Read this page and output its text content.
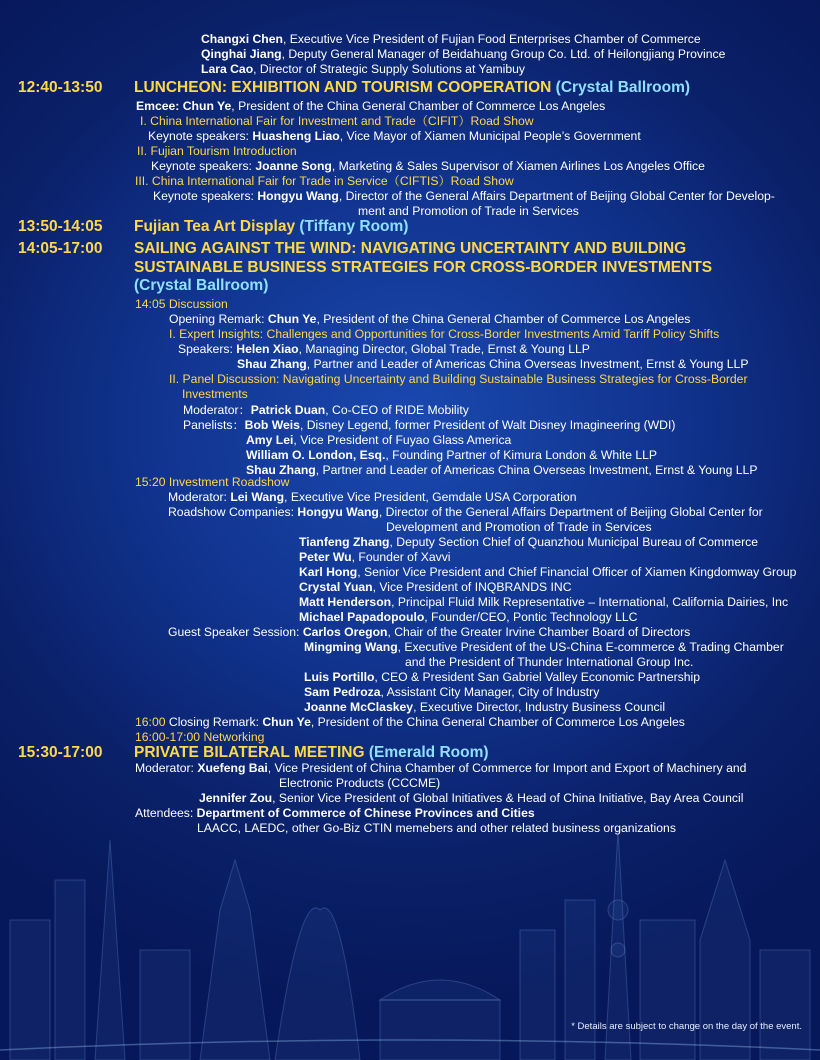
Changxi Chen, Executive Vice President of Fujian Food Enterprises Chamber of Commerce
Qinghai Jiang, Deputy General Manager of Beidahuang Group Co. Ltd. of Heilongjiang Province
Lara Cao, Director of Strategic Supply Solutions at Yamibuy
12:40-13:50 LUNCHEON: EXHIBITION AND TOURISM COOPERATION (Crystal Ballroom)
Emcee: Chun Ye, President of the China General Chamber of Commerce Los Angeles
I. China International Fair for Investment and Trade（CIFIT）Road Show
Keynote speakers: Huasheng Liao, Vice Mayor of Xiamen Municipal People’s Government
II. Fujian Tourism Introduction
Keynote speakers: Joanne Song, Marketing & Sales Supervisor of Xiamen Airlines Los Angeles Office
III. China International Fair for Trade in Service（CIFTIS）Road Show
Keynote speakers: Hongyu Wang, Director of the General Affairs Department of Beijing Global Center for Develop-
ment and Promotion of Trade in Services
13:50-14:05 Fujian Tea Art Display (Tiffany Room)
14:05-17:00 SAILING AGAINST THE WIND: NAVIGATING UNCERTAINTY AND BUILDING
SUSTAINABLE BUSINESS STRATEGIES FOR CROSS-BORDER INVESTMENTS
(Crystal Ballroom)
14:05 Discussion
Opening Remark: Chun Ye, President of the China General Chamber of Commerce Los Angeles
I. Expert Insights: Challenges and Opportunities for Cross-Border Investments Amid Tariff Policy Shifts
Speakers: Helen Xiao, Managing Director, Global Trade, Ernst & Young LLP
Shau Zhang, Partner and Leader of Americas China Overseas Investment, Ernst & Young LLP
II. Panel Discussion: Navigating Uncertainty and Building Sustainable Business Strategies for Cross-Border
Investments
Moderator：Patrick Duan, Co-CEO of RIDE Mobility
Panelists：Bob Weis, Disney Legend, former President of Walt Disney Imagineering (WDI)
Amy Lei, Vice President of Fuyao Glass America
William O. London, Esq., Founding Partner of Kimura London & White LLP
Shau Zhang, Partner and Leader of Americas China Overseas Investment, Ernst & Young LLP
15:20 Investment Roadshow
Moderator: Lei Wang, Executive Vice President, Gemdale USA Corporation
Roadshow Companies: Hongyu Wang, Director of the General Affairs Department of Beijing Global Center for
Development and Promotion of Trade in Services
Tianfeng Zhang, Deputy Section Chief of Quanzhou Municipal Bureau of Commerce
Peter Wu, Founder of Xavvi
Karl Hong, Senior Vice President and Chief Financial Officer of Xiamen Kingdomway Group
Crystal Yuan, Vice President of INQBRANDS INC
Matt Henderson, Principal Fluid Milk Representative – International, California Dairies, Inc
Michael Papadopoulo, Founder/CEO, Pontic Technology LLC
Guest Speaker Session: Carlos Oregon, Chair of the Greater Irvine Chamber Board of Directors
Mingming Wang, Executive President of the US-China E-commerce & Trading Chamber
and the President of Thunder International Group Inc.
Luis Portillo, CEO & President San Gabriel Valley Economic Partnership
Sam Pedroza, Assistant City Manager, City of Industry
Joanne McClaskey, Executive Director, Industry Business Council
16:00 Closing Remark: Chun Ye, President of the China General Chamber of Commerce Los Angeles
16:00-17:00 Networking
15:30-17:00 PRIVATE BILATERAL MEETING (Emerald Room)
Moderator: Xuefeng Bai, Vice President of China Chamber of Commerce for Import and Export of Machinery and
Electronic Products (CCCME)
Jennifer Zou, Senior Vice President of Global Initiatives & Head of China Initiative, Bay Area Council
Attendees: Department of Commerce of Chinese Provinces and Cities
LAACC, LAEDC, other Go-Biz CTIN memebers and other related business organizations
* Details are subject to change on the day of the event.
